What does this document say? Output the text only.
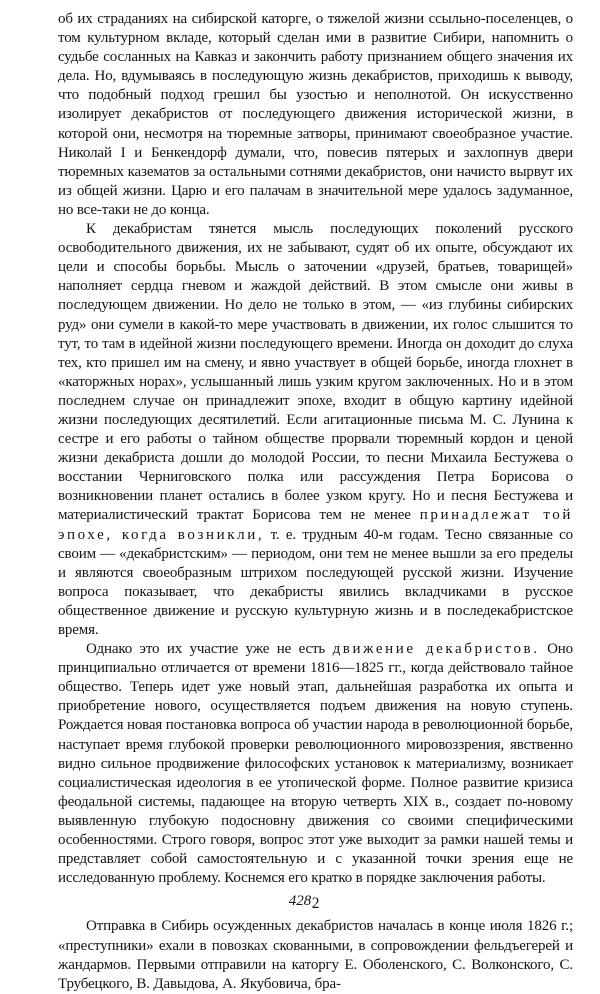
об их страданиях на сибирской каторге, о тяжелой жизни ссыльно-поселенцев, о том культурном вкладе, который сделан ими в развитие Сибири, напомнить о судьбе сосланных на Кавказ и закончить работу признанием общего значения их дела. Но, вдумываясь в последующую жизнь декабристов, приходишь к выводу, что подобный подход грешил бы узостью и неполнотой. Он искусственно изолирует декабристов от последующего движения исторической жизни, в которой они, несмотря на тюремные затворы, принимают своеобразное участие. Николай I и Бенкендорф думали, что, повесив пятерых и захлопнув двери тюремных казематов за остальными сотнями декабристов, они начисто вырвут их из общей жизни. Царю и его палачам в значительной мере удалось задуманное, но все-таки не до конца.

К декабристам тянется мысль последующих поколений русского освободительного движения, их не забывают, судят об их опыте, обсуждают их цели и способы борьбы. Мысль о заточении «друзей, братьев, товарищей» наполняет сердца гневом и жаждой действий. В этом смысле они живы в последующем движении. Но дело не только в этом, — «из глубины сибирских руд» они сумели в какой-то мере участвовать в движении, их голос слышится то тут, то там в идейной жизни последующего времени. Иногда он доходит до слуха тех, кто пришел им на смену, и явно участвует в общей борьбе, иногда глохнет в «каторжных норах», услышанный лишь узким кругом заключенных. Но и в этом последнем случае он принадлежит эпохе, входит в общую картину идейной жизни последующих десятилетий. Если агитационные письма М. С. Лунина к сестре и его работы о тайном обществе прорвали тюремный кордон и ценой жизни декабриста дошли до молодой России, то песни Михаила Бестужева о восстании Черниговского полка или рассуждения Петра Борисова о возникновении планет остались в более узком кругу. Но и песня Бестужева и материалистический трактат Борисова тем не менее принадлежат той эпохе, когда возникли, т. е. трудным 40-м годам. Тесно связанные со своим — «декабристским» — периодом, они тем не менее вышли за его пределы и являются своеобразным штрихом последующей русской жизни. Изучение вопроса показывает, что декабристы явились вкладчиками в русское общественное движение и русскую культурную жизнь и в последекабристское время.

Однако это их участие уже не есть движение декабристов. Оно принципиально отличается от времени 1816—1825 гг., когда действовало тайное общество. Теперь идет уже новый этап, дальнейшая разработка их опыта и приобретение нового, осуществляется подъем движения на новую ступень. Рождается новая постановка вопроса об участии народа в революционной борьбе, наступает время глубокой проверки революционного мировоззрения, явственно видно сильное продвижение философских установок к материализму, возникает социалистическая идеология в ее утопической форме. Полное развитие кризиса феодальной системы, падающее на вторую четверть XIX в., создает по-новому выявленную глубокую подосновну движения со своими специфическими особенностями. Строго говоря, вопрос этот уже выходит за рамки нашей темы и представляет собой самостоятельную и с указанной точки зрения еще не исследованную проблему. Коснемся его кратко в порядке заключения работы.

2

Отправка в Сибирь осужденных декабристов началась в конце июля 1826 г.; «преступники» ехали в повозках скованными, в сопровождении фельдъегерей и жандармов. Первыми отправили на каторгу Е. Оболенского, С. Волконского, С. Трубецкого, В. Давыдова, А. Якубовича, бра-

428
